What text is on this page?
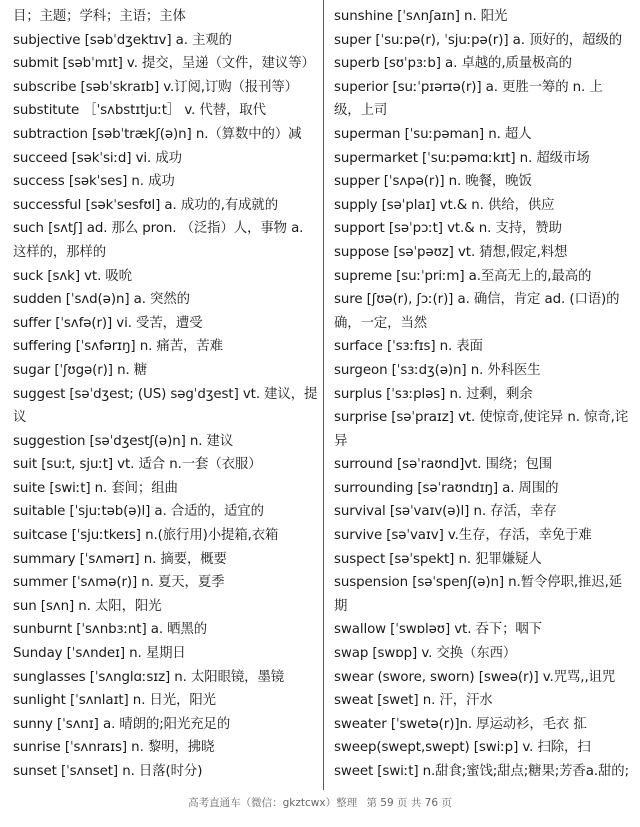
目；主题；学科；主语；主体

subjective [səbˈdʒektɪv] a. 主观的

submit [səbˈmɪt] v. 提交，呈递（文件，建议等）

subscribe [səbˈskraɪb] v.订阅,订购（报刊等）

substitute ［ˈsʌbstɪtjuːt］ v. 代替，取代

subtraction [səbˈtrækʃ(ə)n] n.（算数中的）减

succeed [səkˈsiːd] vi. 成功

success [səkˈses] n. 成功

successful [səkˈsesfʊl] a. 成功的,有成就的

such [sʌtʃ] ad. 那么 pron. （泛指）人，事物 a. 这样的，那样的

suck [sʌk] vt. 吸吮

sudden [ˈsʌd(ə)n] a. 突然的

suffer [ˈsʌfə(r)] vi. 受苦，遭受

suffering [ˈsʌfərɪŋ] n. 痛苦，苦难

sugar [ˈʃʊgə(r)] n. 糖

suggest [səˈdʒest; (US) səgˈdʒest] vt. 建议，提议

suggestion [səˈdʒestʃ(ə)n] n. 建议

suit [suːt, sjuːt] vt. 适合 n.一套（衣服）

suite [swiːt] n. 套间；组曲

suitable [ˈsjuːtəb(ə)l] a. 合适的，适宜的

suitcase [ˈsjuːtkeɪs] n.(旅行用)小提箱,衣箱

summary [ˈsʌmərɪ] n. 摘要，概要

summer [ˈsʌmə(r)] n. 夏天，夏季

sun [sʌn] n. 太阳，阳光

sunburnt [ˈsʌnbɜːnt] a. 晒黑的

Sunday [ˈsʌndeɪ] n. 星期日

sunglasses [ˈsʌnglɑːsɪz] n. 太阳眼镜，墨镜

sunlight [ˈsʌnlaɪt] n. 日光，阳光

sunny [ˈsʌnɪ] a. 晴朗的;阳光充足的

sunrise [ˈsʌnraɪs] n. 黎明，拂晓

sunset [ˈsʌnset] n. 日落(时分)

sunshine [ˈsʌnʃaɪn] n. 阳光

super [ˈsuːpə(r), ˈsjuːpə(r)] a. 顶好的，超级的

superb [sʊˈpɜːb] a. 卓越的,质量极高的

superior [suːˈpɪərɪə(r)] a. 更胜一筹的 n. 上级，上司

superman [ˈsuːpəman] n. 超人

supermarket [ˈsuːpəmɑːkɪt] n. 超级市场

supper [ˈsʌpə(r)] n. 晚餐，晚饭

supply [səˈplaɪ] vt.& n. 供给，供应

support [səˈpɔːt] vt.& n. 支持，赞助

suppose [səˈpəʊz] vt. 猜想,假定,料想

supreme [suːˈpriːm] a.至高无上的,最高的

sure [ʃʊə(r), ʃɔː(r)] a. 确信，肯定 ad. (口语)的确，一定，当然

surface [ˈsɜːfɪs] n. 表面

surgeon [ˈsɜːdʒ(ə)n] n. 外科医生

surplus [ˈsɜːpləs] n. 过剩，剩余

surprise [səˈpraɪz] vt. 使惊奇,使诧异 n. 惊奇,诧异

surround [səˈraʊnd]vt. 围绕；包围

surrounding [səˈraʊndɪŋ] a. 周围的

survival [səˈvaɪv(ə)l] n. 存活，幸存

survive [səˈvaɪv] v.生存，存活，幸免于难

suspect [səˈspekt] n. 犯罪嫌疑人

suspension [səˈspenʃ(ə)n] n.暂令停职,推迟,延期

swallow [ˈswɒləʊ] vt. 吞下；咽下

swap [swɒp] v. 交换（东西）

swear (swore, sworn) [sweə(r)] v.咒骂,,诅咒

sweat [swet] n. 汗，汗水

sweater [ˈswetə(r)]n. 厚运动衫，毛衣 㧟

sweep(swept,swept) [swiːp] v. 扫除，扫

sweet [swiːt] n.甜食;蜜饯;甜点;糖果;芳香a.甜的;

高考直通车（微信：gkztcwx）整理 第 59 页 共 76 页
